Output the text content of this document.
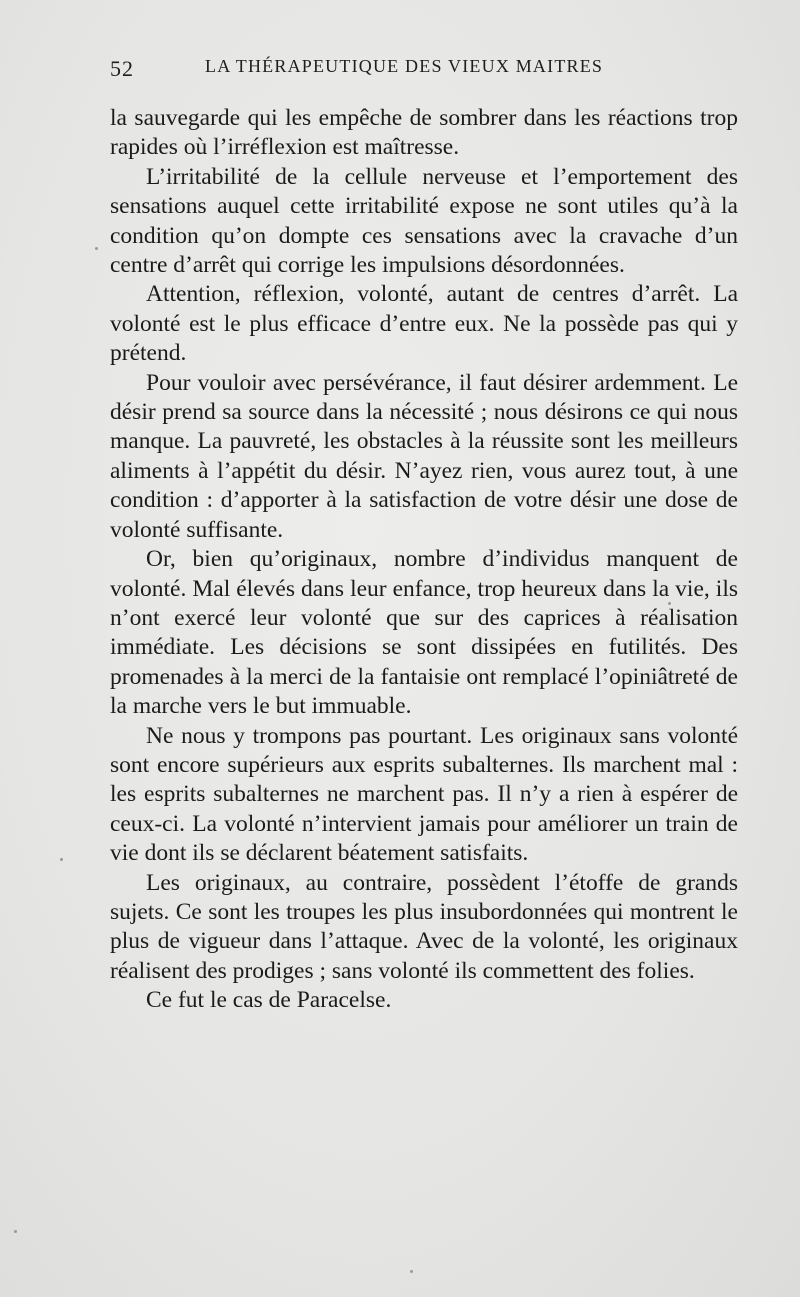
52	LA THÉRAPEUTIQUE DES VIEUX MAITRES

la sauvegarde qui les empêche de sombrer dans les réactions trop rapides où l’irréflexion est maîtresse.

L’irritabilité de la cellule nerveuse et l’emportement des sensations auquel cette irritabilité expose ne sont utiles qu’à la condition qu’on dompte ces sensations avec la cravache d’un centre d’arrêt qui corrige les impulsions désordonnées.

Attention, réflexion, volonté, autant de centres d’arrêt. La volonté est le plus efficace d’entre eux. Ne la possède pas qui y prétend.

Pour vouloir avec persévérance, il faut désirer ardemment. Le désir prend sa source dans la nécessité ; nous désirons ce qui nous manque. La pauvreté, les obstacles à la réussite sont les meilleurs aliments à l’appétit du désir. N’ayez rien, vous aurez tout, à une condition : d’apporter à la satisfaction de votre désir une dose de volonté suffisante.

Or, bien qu’originaux, nombre d’individus manquent de volonté. Mal élevés dans leur enfance, trop heureux dans la vie, ils n’ont exercé leur volonté que sur des caprices à réalisation immédiate. Les décisions se sont dissipées en futilités. Des promenades à la merci de la fantaisie ont remplacé l’opiniâtreté de la marche vers le but immuable.

Ne nous y trompons pas pourtant. Les originaux sans volonté sont encore supérieurs aux esprits subalternes. Ils marchent mal : les esprits subalternes ne marchent pas. Il n’y a rien à espérer de ceux-ci. La volonté n’intervient jamais pour améliorer un train de vie dont ils se déclarent béatement satisfaits.

Les originaux, au contraire, possèdent l’étoffe de grands sujets. Ce sont les troupes les plus insubordonnées qui montrent le plus de vigueur dans l’attaque. Avec de la volonté, les originaux réalisent des prodiges ; sans volonté ils commettent des folies.

Ce fut le cas de Paracelse.
